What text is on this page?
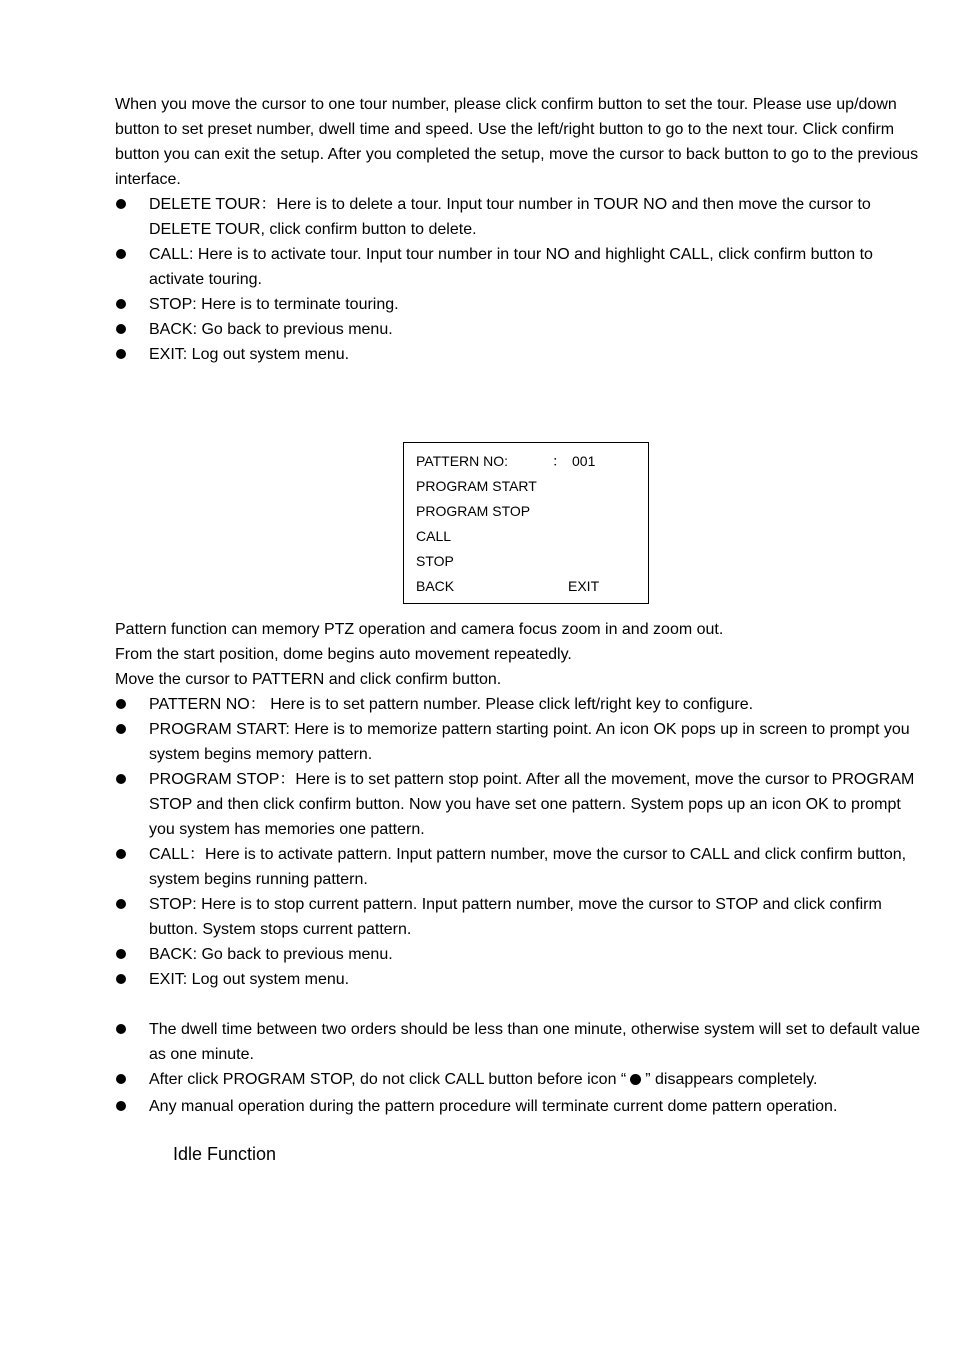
When you move the cursor to one tour number, please click confirm button to set the tour. Please use up/down button to set preset number, dwell time and speed. Use the left/right button to go to the next tour. Click confirm button you can exit the setup. After you completed the setup, move the cursor to back button to go to the previous interface.

DELETE TOUR：Here is to delete a tour. Input tour number in TOUR NO and then move the cursor to DELETE TOUR, click confirm button to delete.
CALL: Here is to activate tour. Input tour number in tour NO and highlight CALL, click confirm button to activate touring.
STOP: Here is to terminate touring.
BACK: Go back to previous menu.
EXIT: Log out system menu.
PATTERN NO:	： 001
PROGRAM START
PROGRAM STOP
CALL
STOP
BACK	EXIT

Pattern function can memory PTZ operation and camera focus zoom in and zoom out.

From the start position, dome begins auto movement repeatedly.

Move the cursor to PATTERN and click confirm button.

PATTERN NO： Here is to set pattern number. Please click left/right key to configure.
PROGRAM START: Here is to memorize pattern starting point. An icon OK pops up in screen to prompt you system begins memory pattern.
PROGRAM STOP：Here is to set pattern stop point. After all the movement, move the cursor to PROGRAM STOP and then click confirm button. Now you have set one pattern. System pops up an icon OK to prompt you system has memories one pattern.
CALL：Here is to activate pattern. Input pattern number, move the cursor to CALL and click confirm button, system begins running pattern.
STOP: Here is to stop current pattern. Input pattern number, move the cursor to STOP and click confirm button. System stops current pattern.
BACK: Go back to previous menu.
EXIT: Log out system menu.
The dwell time between two orders should be less than one minute, otherwise system will set to default value as one minute.
After click PROGRAM STOP, do not click CALL button before icon “ ” disappears completely.
Any manual operation during the pattern procedure will terminate current dome pattern operation.
Idle Function
